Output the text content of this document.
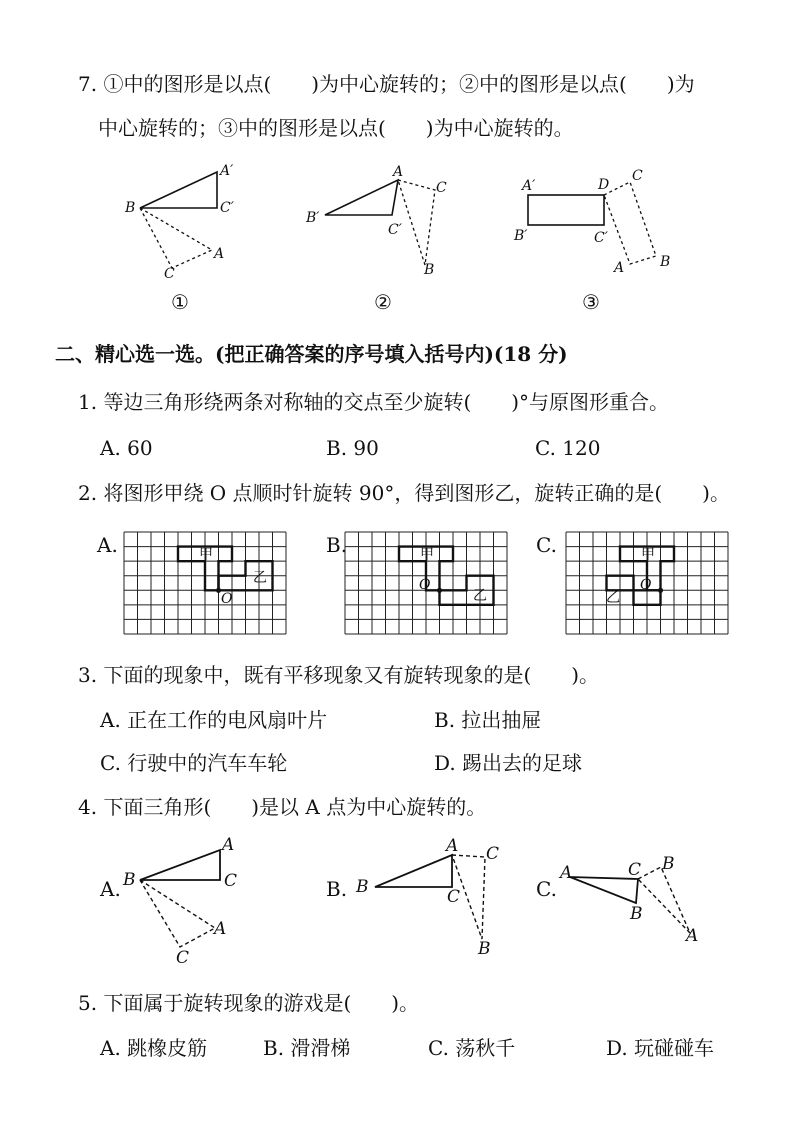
7. ①中的图形是以点(　　)为中心旋转的；②中的图形是以点(　　)为
中心旋转的；③中的图形是以点(　　)为中心旋转的。
A′
B	C′
A
C
①
A
C
B′
C′
B
②
A′	D
C
B′	C′
A	B
③
二、精心选一选。(把正确答案的序号填入括号内)(18 分)
1. 等边三角形绕两条对称轴的交点至少旋转(　　)°与原图形重合。
A. 60	B. 90	C. 120
2. 将图形甲绕 O 点顺时针旋转 90°，得到图形乙，旋转正确的是(　　)。
A.	甲
乙
O
B.	甲
乙
O
C.	甲
乙
O
3. 下面的现象中，既有平移现象又有旋转现象的是(　　)。
A. 正在工作的电风扇叶片	B. 拉出抽屉
C. 行驶中的汽车车轮	D. 踢出去的足球
4. 下面三角形(　　)是以 A 点为中心旋转的。
A. B
A
C
A
C
B. B
A C
C
B
C.
A	C B
B
A
5. 下面属于旋转现象的游戏是(　　)。
A. 跳橡皮筋	B. 滑滑梯	C. 荡秋千	D. 玩碰碰车
